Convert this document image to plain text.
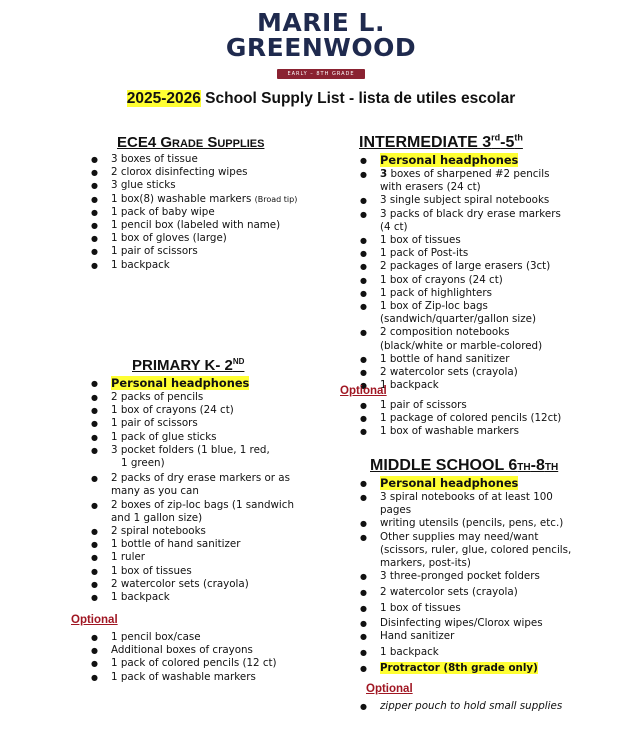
MARIE L.
GREENWOOD
EARLY – 8TH GRADE
2025-2026 School Supply List - lista de utiles escolar
ECE4 Grade Supplies
● 3 boxes of tissue
● 2 clorox disinfecting wipes
● 3 glue sticks
● 1 box(8) washable markers (Broad tip)
● 1 pack of baby wipe
● 1 pencil box (labeled with name)
● 1 box of gloves (large)
● 1 pair of scissors
● 1 backpack
PRIMARY K- 2ND
● Personal headphones
● 2 packs of pencils
● 1 box of crayons (24 ct)
● 1 pair of scissors
● 1 pack of glue sticks
● 3 pocket folders (1 blue, 1 red,
1 green)
● 2 packs of dry erase markers or as many as you can
● 2 boxes of zip-loc bags (1 sandwich and 1 gallon size)
● 2 spiral notebooks
● 1 bottle of hand sanitizer
● 1 ruler
● 1 box of tissues
● 2 watercolor sets (crayola)
● 1 backpack
Optional
● 1 pencil box/case
● Additional boxes of crayons
● 1 pack of colored pencils (12 ct)
● 1 pack of washable markers
INTERMEDIATE 3rd-5th
● Personal headphones
● 3 boxes of sharpened #2 pencils with erasers (24 ct)
● 3 single subject spiral notebooks
● 3 packs of black dry erase markers (4 ct)
● 1 box of tissues
● 1 pack of Post-its
● 2 packages of large erasers (3ct)
● 1 box of crayons (24 ct)
● 1 pack of highlighters
● 1 box of Zip-loc bags (sandwich/quarter/gallon size)
● 2 composition notebooks (black/white or marble-colored)
● 1 bottle of hand sanitizer
● 2 watercolor sets (crayola)
● 1 backpack
Optional
● 1 pair of scissors
● 1 package of colored pencils (12ct)
● 1 box of washable markers
MIDDLE SCHOOL 6TH-8TH
● Personal headphones
● 3 spiral notebooks of at least 100 pages
● writing utensils (pencils, pens, etc.)
● Other supplies may need/want (scissors, ruler, glue, colored pencils, markers, post-its)
● 3 three-pronged pocket folders
● 2 watercolor sets (crayola)
● 1 box of tissues
● Disinfecting wipes/Clorox wipes
● Hand sanitizer
● 1 backpack
● Protractor (8th grade only)
Optional
● zipper pouch to hold small supplies
